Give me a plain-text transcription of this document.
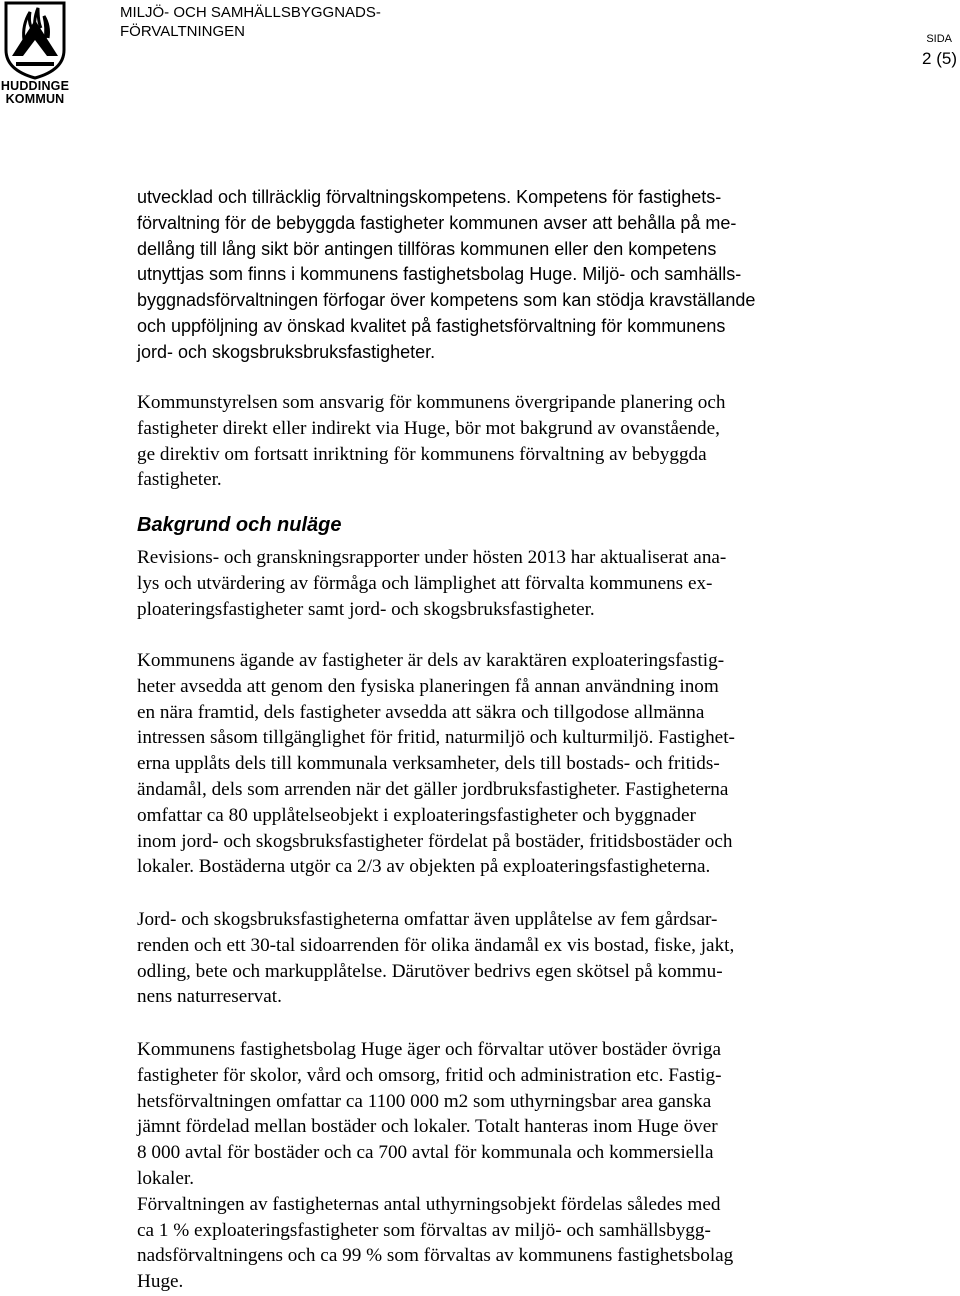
HUDDINGE
KOMMUN
MILJÖ- OCH SAMHÄLLSBYGGNADS-
FÖRVALTNINGEN	SIDA
2 (5)
utvecklad och tillräcklig förvaltningskompetens. Kompetens för fastighets-
förvaltning för de bebyggda fastigheter kommunen avser att behålla på me-
dellång till lång sikt bör antingen tillföras kommunen eller den kompetens
utnyttjas som finns i kommunens fastighetsbolag Huge. Miljö- och samhälls-
byggnadsförvaltningen förfogar över kompetens som kan stödja kravställande
och uppföljning av önskad kvalitet på fastighetsförvaltning för kommunens
jord- och skogsbruksbruksfastigheter.
Kommunstyrelsen som ansvarig för kommunens övergripande planering och
fastigheter direkt eller indirekt via Huge, bör mot bakgrund av ovanstående,
ge direktiv om fortsatt inriktning för kommunens förvaltning av bebyggda
fastigheter.
Bakgrund och nuläge
Revisions- och granskningsrapporter under hösten 2013 har aktualiserat ana-
lys och utvärdering av förmåga och lämplighet att förvalta kommunens ex-
ploateringsfastigheter samt jord- och skogsbruksfastigheter.
Kommunens ägande av fastigheter är dels av karaktären exploateringsfastig-
heter avsedda att genom den fysiska planeringen få annan användning inom
en nära framtid, dels fastigheter avsedda att säkra och tillgodose allmänna
intressen såsom tillgänglighet för fritid, naturmiljö och kulturmiljö. Fastighet-
erna upplåts dels till kommunala verksamheter, dels till bostads- och fritids-
ändamål, dels som arrenden när det gäller jordbruksfastigheter. Fastigheterna
omfattar ca 80 upplåtelseobjekt i exploateringsfastigheter och byggnader
inom jord- och skogsbruksfastigheter fördelat på bostäder, fritidsbostäder och
lokaler. Bostäderna utgör ca 2/3 av objekten på exploateringsfastigheterna.
Jord- och skogsbruksfastigheterna omfattar även upplåtelse av fem gårdsar-
renden och ett 30-tal sidoarrenden för olika ändamål ex vis bostad, fiske, jakt,
odling, bete och markupplåtelse. Därutöver bedrivs egen skötsel på kommu-
nens naturreservat.
Kommunens fastighetsbolag Huge äger och förvaltar utöver bostäder övriga
fastigheter för skolor, vård och omsorg, fritid och administration etc. Fastig-
hetsförvaltningen omfattar ca 1100 000 m2 som uthyrningsbar area ganska
jämnt fördelad mellan bostäder och lokaler. Totalt hanteras inom Huge över
8 000 avtal för bostäder och ca 700 avtal för kommunala och kommersiella
lokaler.
Förvaltningen av fastigheternas antal uthyrningsobjekt fördelas således med
ca 1 % exploateringsfastigheter som förvaltas av miljö- och samhällsbygg-
nadsförvaltningens och ca 99 % som förvaltas av kommunens fastighetsbolag
Huge.
